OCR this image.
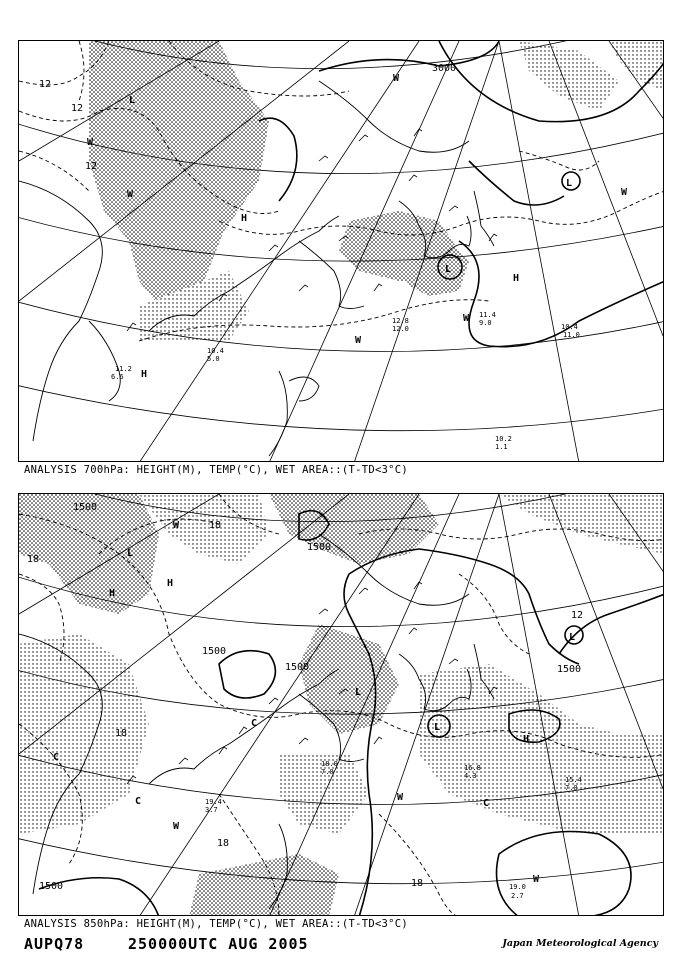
3000
12
12
12
H
H
H
L
L
L
W
W
W
W
W
W 11.4
9.0	10.4
11.0
12.8
12.0
10.2
1.1
11.2
6.6
10.4
5.0
ANALYSIS 700hPa: HEIGHT(M), TEMP(°C), WET AREA::(T-TD<3°C)
1500
1500
1500
1500	1500
1500
18
18
18
18
18
12
H
H
H
L
L
L
L
C
C
C
C
W
W
W
W
19.0
2.7
16.8
4.3	15.4
7.0
19.4
3.7
18.0
7.0
ANALYSIS 850hPa: HEIGHT(M), TEMP(°C), WET AREA::(T-TD<3°C)
AUPQ78	250000UTC AUG 2005	Japan Meteorological Agency
